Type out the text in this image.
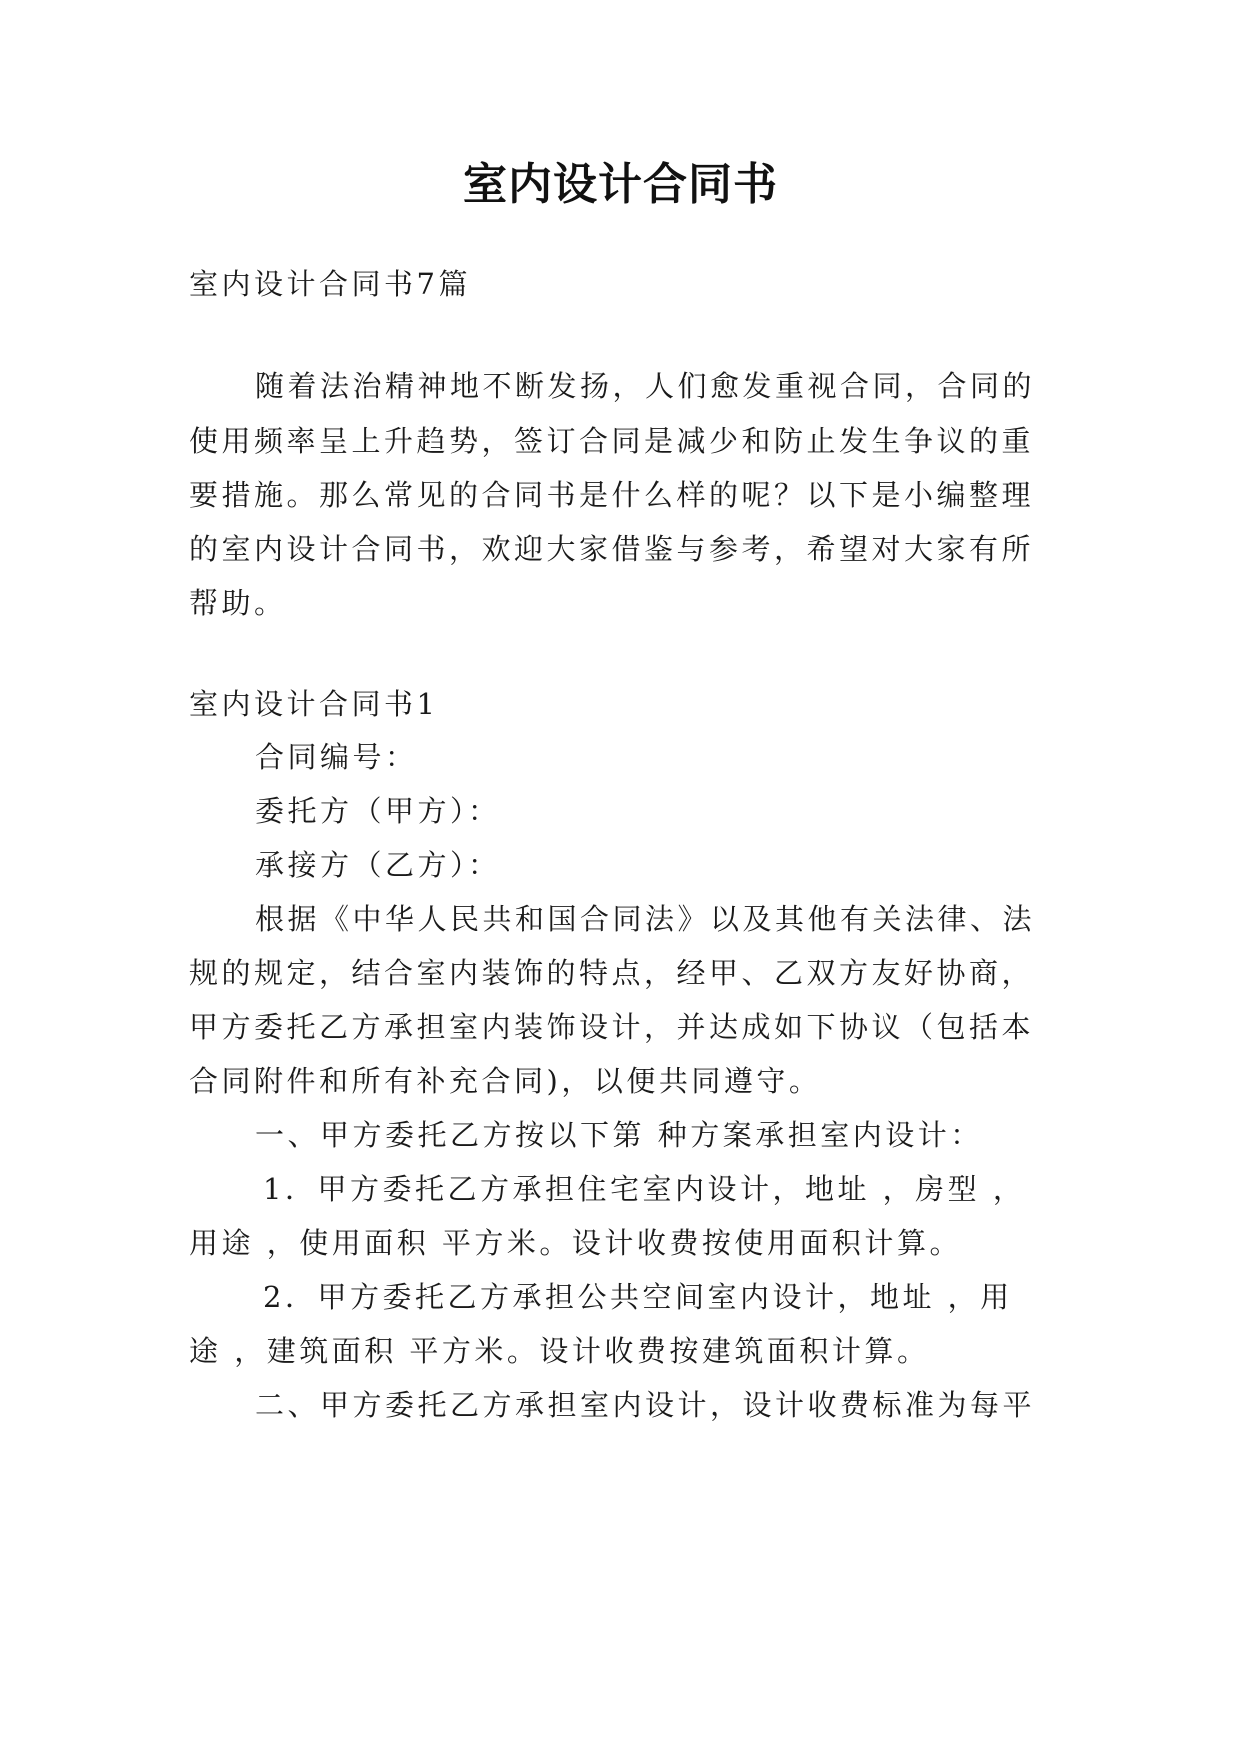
室内设计合同书
室内设计合同书7篇
随着法治精神地不断发扬，人们愈发重视合同，合同的
使用频率呈上升趋势，签订合同是减少和防止发生争议的重
要措施。那么常见的合同书是什么样的呢？以下是小编整理
的室内设计合同书，欢迎大家借鉴与参考，希望对大家有所
帮助。
室内设计合同书1
合同编号：
委托方（甲方）：
承接方（乙方）：
根据《中华人民共和国合同法》以及其他有关法律、法
规的规定，结合室内装饰的特点，经甲、乙双方友好协商，
甲方委托乙方承担室内装饰设计，并达成如下协议（包括本
合同附件和所有补充合同)，以便共同遵守。
一、甲方委托乙方按以下第 种方案承担室内设计：
1．甲方委托乙方承担住宅室内设计，地址 ，房型 ，
用途 ，使用面积 平方米。设计收费按使用面积计算。
2．甲方委托乙方承担公共空间室内设计，地址 ，用
途 ，建筑面积 平方米。设计收费按建筑面积计算。
二、甲方委托乙方承担室内设计，设计收费标准为每平
